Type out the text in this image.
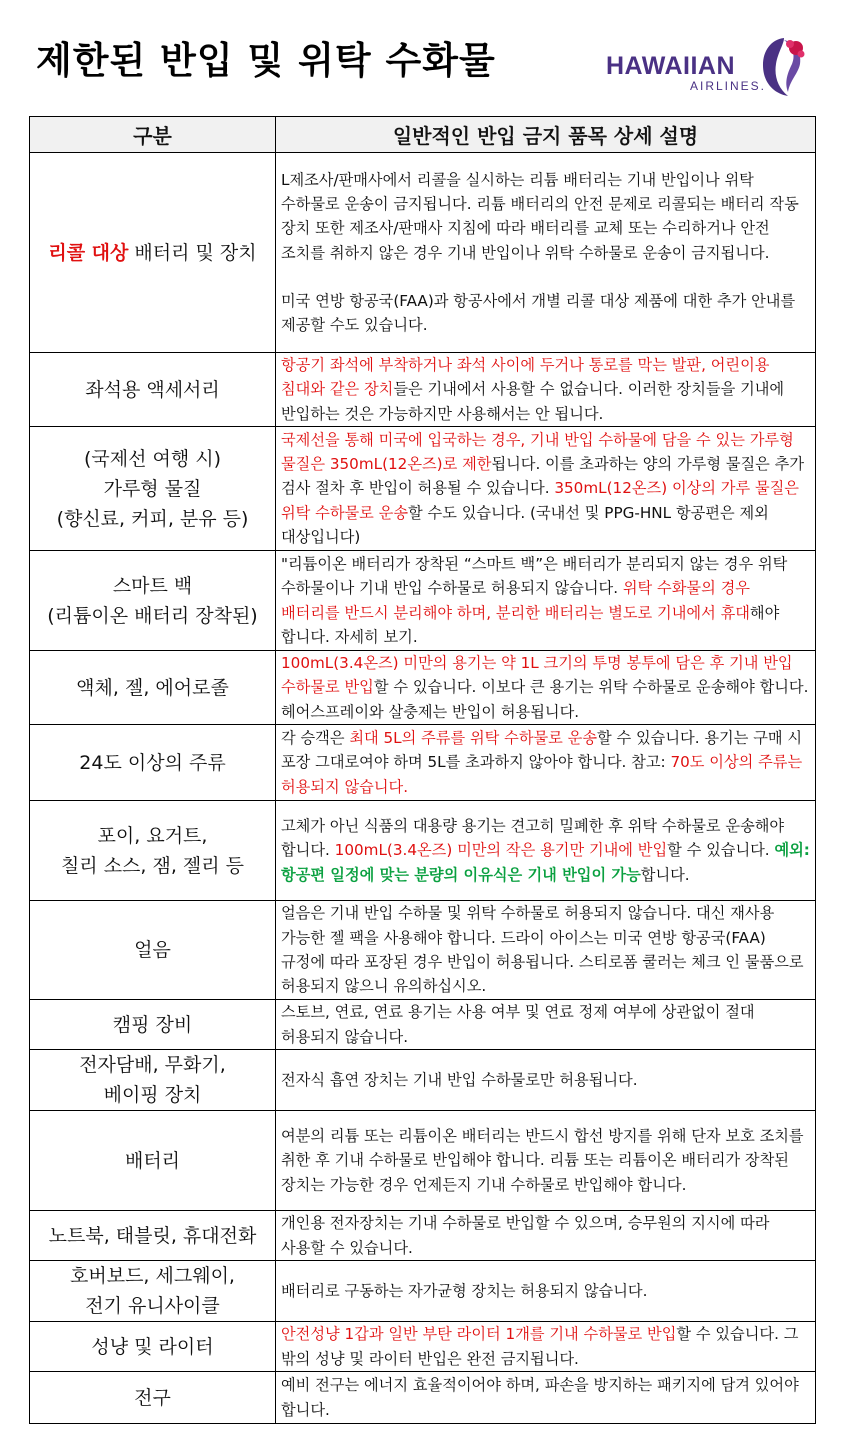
제한된 반입 및 위탁 수화물	HAWAIIAN
AIRLINES.
구분	일반적인 반입 금지 품목 상세 설명
리콜 대상 배터리 및 장치	L제조사/판매사에서 리콜을 실시하는 리튬 배터리는 기내 반입이나 위탁 수하물로 운송이 금지됩니다. 리튬 배터리의 안전 문제로 리콜되는 배터리 작동 장치 또한 제조사/판매사 지침에 따라 배터리를 교체 또는 수리하거나 안전 조치를 취하지 않은 경우 기내 반입이나 위탁 수하물로 운송이 금지됩니다.
미국 연방 항공국(FAA)과 항공사에서 개별 리콜 대상 제품에 대한 추가 안내를 제공할 수도 있습니다.
좌석용 액세서리	항공기 좌석에 부착하거나 좌석 사이에 두거나 통로를 막는 발판, 어린이용 침대와 같은 장치들은 기내에서 사용할 수 없습니다. 이러한 장치들을 기내에 반입하는 것은 가능하지만 사용해서는 안 됩니다.
(국제선 여행 시)
가루형 물질
(향신료, 커피, 분유 등)	국제선을 통해 미국에 입국하는 경우, 기내 반입 수하물에 담을 수 있는 가루형 물질은 350mL(12온즈)로 제한됩니다. 이를 초과하는 양의 가루형 물질은 추가 검사 절차 후 반입이 허용될 수 있습니다. 350mL(12온즈) 이상의 가루 물질은 위탁 수하물로 운송할 수도 있습니다. (국내선 및 PPG-HNL 항공편은 제외 대상입니다)
스마트 백
(리튬이온 배터리 장착된)	"리튬이온 배터리가 장착된 “스마트 백”은 배터리가 분리되지 않는 경우 위탁 수하물이나 기내 반입 수하물로 허용되지 않습니다. 위탁 수화물의 경우 배터리를 반드시 분리해야 하며, 분리한 배터리는 별도로 기내에서 휴대해야 합니다. 자세히 보기.
액체, 젤, 에어로졸	100mL(3.4온즈) 미만의 용기는 약 1L 크기의 투명 봉투에 담은 후 기내 반입 수하물로 반입할 수 있습니다. 이보다 큰 용기는 위탁 수하물로 운송해야 합니다. 헤어스프레이와 살충제는 반입이 허용됩니다.
24도 이상의 주류	각 승객은 최대 5L의 주류를 위탁 수하물로 운송할 수 있습니다. 용기는 구매 시 포장 그대로여야 하며 5L를 초과하지 않아야 합니다. 참고: 70도 이상의 주류는 허용되지 않습니다.
포이, 요거트,
칠리 소스, 잼, 젤리 등	고체가 아닌 식품의 대용량 용기는 견고히 밀폐한 후 위탁 수하물로 운송해야 합니다. 100mL(3.4온즈) 미만의 작은 용기만 기내에 반입할 수 있습니다. 예외: 항공편 일정에 맞는 분량의 이유식은 기내 반입이 가능합니다.
얼음	얼음은 기내 반입 수하물 및 위탁 수하물로 허용되지 않습니다. 대신 재사용 가능한 젤 팩을 사용해야 합니다. 드라이 아이스는 미국 연방 항공국(FAA) 규정에 따라 포장된 경우 반입이 허용됩니다. 스티로폼 쿨러는 체크 인 물품으로 허용되지 않으니 유의하십시오.
캠핑 장비	스토브, 연료, 연료 용기는 사용 여부 및 연료 정제 여부에 상관없이 절대 허용되지 않습니다.
전자담배, 무화기,
베이핑 장치	전자식 흡연 장치는 기내 반입 수하물로만 허용됩니다.
배터리	여분의 리튬 또는 리튬이온 배터리는 반드시 합선 방지를 위해 단자 보호 조치를 취한 후 기내 수하물로 반입해야 합니다. 리튬 또는 리튬이온 배터리가 장착된 장치는 가능한 경우 언제든지 기내 수하물로 반입해야 합니다.
노트북, 태블릿, 휴대전화	개인용 전자장치는 기내 수하물로 반입할 수 있으며, 승무원의 지시에 따라 사용할 수 있습니다.
호버보드, 세그웨이,
전기 유니사이클	배터리로 구동하는 자가균형 장치는 허용되지 않습니다.
성냥 및 라이터	안전성냥 1갑과 일반 부탄 라이터 1개를 기내 수하물로 반입할 수 있습니다. 그 밖의 성냥 및 라이터 반입은 완전 금지됩니다.
전구	예비 전구는 에너지 효율적이어야 하며, 파손을 방지하는 패키지에 담겨 있어야 합니다.
